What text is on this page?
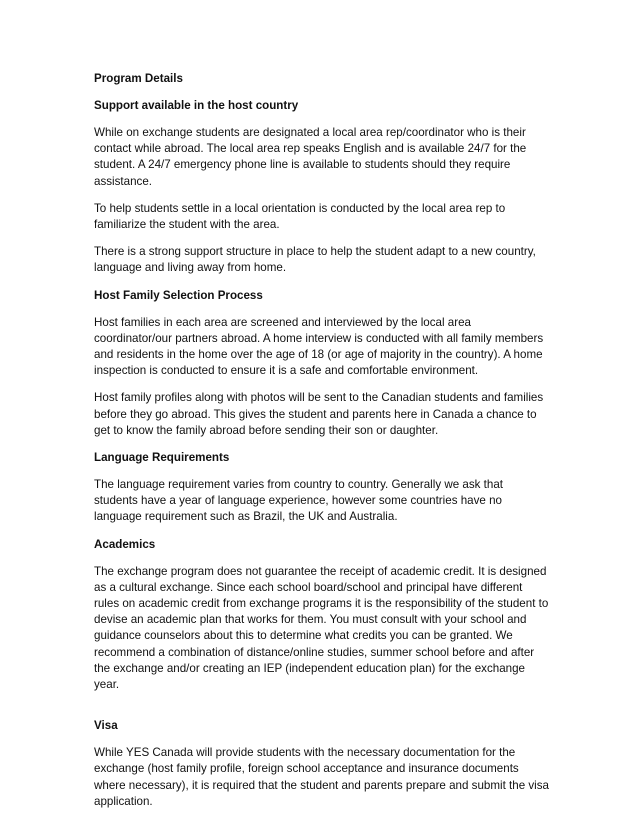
Program Details
Support available in the host country
While on exchange students are designated a local area rep/coordinator who is their
contact while abroad. The local area rep speaks English and is available 24/7 for the
student. A 24/7 emergency phone line is available to students should they require
assistance.
To help students settle in a local orientation is conducted by the local area rep to
familiarize the student with the area.
There is a strong support structure in place to help the student adapt to a new country,
language and living away from home.
Host Family Selection Process
Host families in each area are screened and interviewed by the local area
coordinator/our partners abroad. A home interview is conducted with all family members
and residents in the home over the age of 18 (or age of majority in the country). A home
inspection is conducted to ensure it is a safe and comfortable environment.
Host family profiles along with photos will be sent to the Canadian students and families
before they go abroad. This gives the student and parents here in Canada a chance to
get to know the family abroad before sending their son or daughter.
Language Requirements
The language requirement varies from country to country. Generally we ask that
students have a year of language experience, however some countries have no
language requirement such as Brazil, the UK and Australia.
Academics
The exchange program does not guarantee the receipt of academic credit. It is designed
as a cultural exchange. Since each school board/school and principal have different
rules on academic credit from exchange programs it is the responsibility of the student to
devise an academic plan that works for them. You must consult with your school and
guidance counselors about this to determine what credits you can be granted. We
recommend a combination of distance/online studies, summer school before and after
the exchange and/or creating an IEP (independent education plan) for the exchange
year.
Visa
While YES Canada will provide students with the necessary documentation for the
exchange (host family profile, foreign school acceptance and insurance documents
where necessary), it is required that the student and parents prepare and submit the visa
application.
